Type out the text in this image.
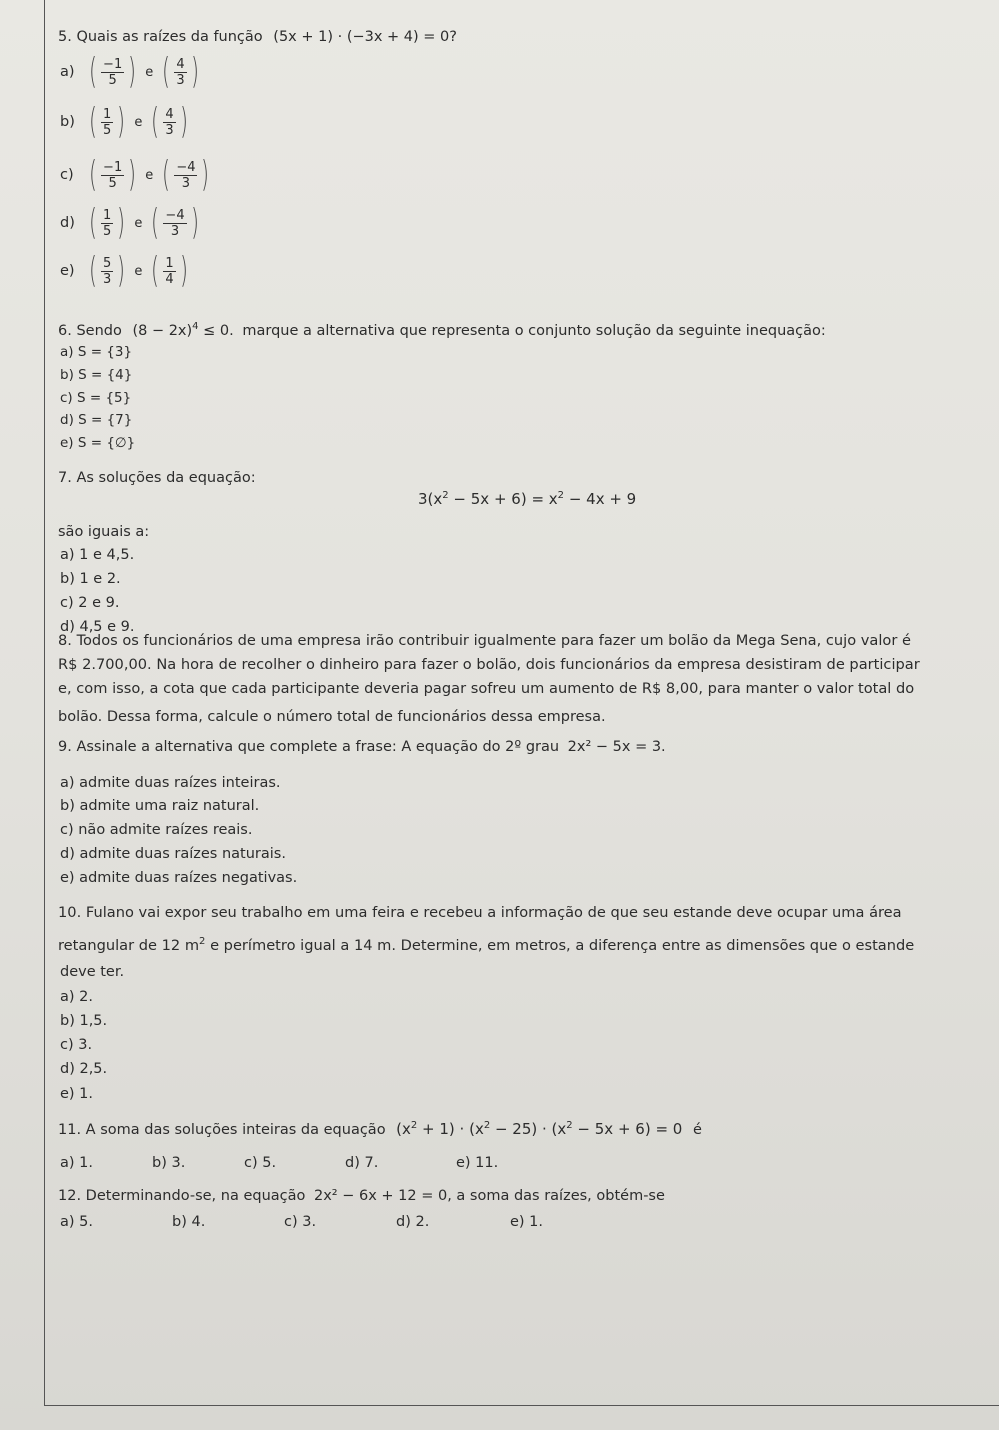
5. Quais as raízes da função (5x + 1) · (−3x + 4) = 0?
a) ( $\frac{-1}{5}$ ) e ( $\frac{4}{3}$ )
b) ( $\frac{1}{5}$ ) e ( $\frac{4}{3}$ )
c) ( $\frac{-1}{5}$ ) e ( $\frac{-4}{3}$ )
d) ( $\frac{1}{5}$ ) e ( $\frac{-4}{3}$ )
e) ( $\frac{5}{3}$ ) e ( $\frac{1}{4}$ )
6. Sendo $(8 - 2x)^4 \le 0$. marque a alternativa que representa o conjunto solução da seguinte inequação:
a) S = {3}
b) S = {4}
c) S = {5}
d) S = {7}
e) S = {∅}
7. As soluções da equação:
$3(x^2 - 5x + 6) = x^2 - 4x + 9$
são iguais a:
a) 1 e 4,5.
b) 1 e 2.
c) 2 e 9.
d) 4,5 e 9.
8. Todos os funcionários de uma empresa irão contribuir igualmente para fazer um bolão da Mega Sena, cujo valor é
R$ 2.700,00. Na hora de recolher o dinheiro para fazer o bolão, dois funcionários da empresa desistiram de participar
e, com isso, a cota que cada participante deveria pagar sofreu um aumento de R$ 8,00, para manter o valor total do
bolão. Dessa forma, calcule o número total de funcionários dessa empresa.
9. Assinale a alternativa que complete a frase: A equação do 2º grau 2x² − 5x = 3.
a) admite duas raízes inteiras.
b) admite uma raiz natural.
c) não admite raízes reais.
d) admite duas raízes naturais.
e) admite duas raízes negativas.
10. Fulano vai expor seu trabalho em uma feira e recebeu a informação de que seu estande deve ocupar uma área
retangular de 12 $m^2$ e perímetro igual a 14 m. Determine, em metros, a diferença entre as dimensões que o estande
deve ter.
a) 2.
b) 1,5.
c) 3.
d) 2,5.
e) 1.
11. A soma das soluções inteiras da equação $(x^2 + 1) \cdot (x^2 - 25) \cdot (x^2 - 5x + 6) = 0$ é
a) 1.	b) 3.	c) 5.	d) 7.	e) 11.
12. Determinando-se, na equação 2x² − 6x + 12 = 0, a soma das raízes, obtém-se
a) 5.	b) 4.	c) 3.	d) 2.	e) 1.
